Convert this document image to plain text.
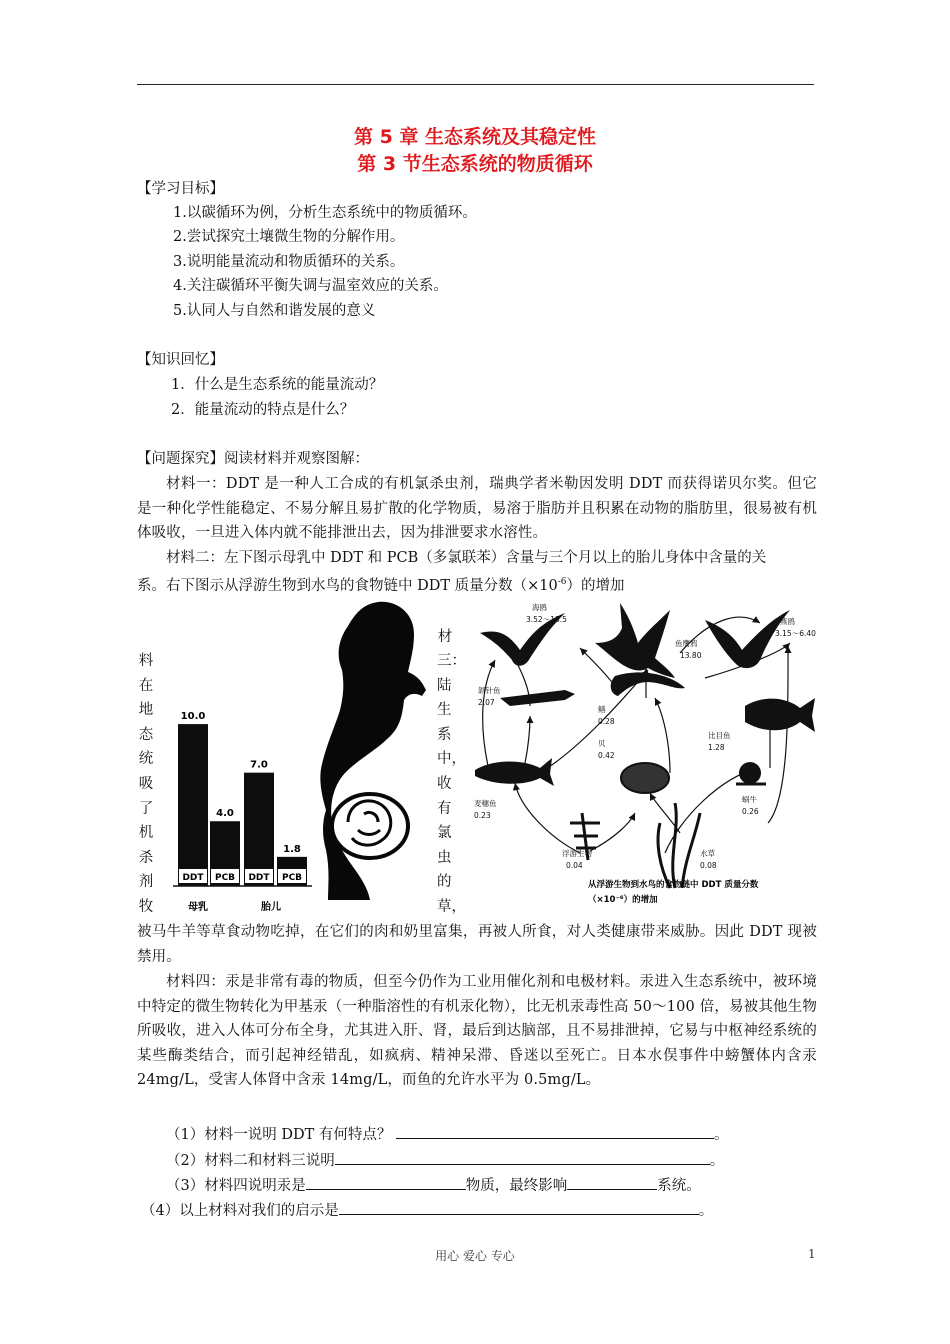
第 5 章 生态系统及其稳定性
第 3 节生态系统的物质循环
【学习目标】
1.以碳循环为例，分析生态系统中的物质循环。
2.尝试探究土壤微生物的分解作用。
3.说明能量流动和物质循环的关系。
4.关注碳循环平衡失调与温室效应的关系。
5.认同人与自然和谐发展的意义
【知识回忆】
1．什么是生态系统的能量流动？
2．能量流动的特点是什么？
【问题探究】阅读材料并观察图解：
材料一：DDT 是一种人工合成的有机氯杀虫剂，瑞典学者米勒因发明 DDT 而获得诺贝尔奖。但它是一种化学性能稳定、不易分解且易扩散的化学物质，易溶于脂肪并且积累在动物的脂肪里，很易被有机体吸收，一旦进入体内就不能排泄出去，因为排泄要求水溶性。
材料二：左下图示母乳中 DDT 和 PCB（多氯联苯）含量与三个月以上的胎儿身体中含量的关
系。右下图示从浮游生物到水鸟的食物链中 DDT 质量分数$(\times 10^{-6})$的增加
料
在
地
态
统
吸
了
机
杀
剂
牧
材
三：
陆
生
系
中，
收
有
氯
虫
的
草，
10.0
DDT
4.0
PCB
7.0
DDT
1.8
PCB
母乳	胎儿
海鸥
3.52～18.5
鱼鹰鸦
13.80
燕鸥
3.15～6.40
颌针鱼
2.07
鳝
0.28
比目鱼
1.28
贝
0.42
麦穗鱼
0.23
蜗牛
0.26
浮游生物
0.04
水草
0.08
从浮游生物到水鸟的食物链中 DDT 质量分数
（×10⁻⁶）的增加
被马牛羊等草食动物吃掉，在它们的肉和奶里富集，再被人所食，对人类健康带来威胁。因此 DDT 现被禁用。
材料四：汞是非常有毒的物质，但至今仍作为工业用催化剂和电极材料。汞进入生态系统中，被环境中特定的微生物转化为甲基汞（一种脂溶性的有机汞化物），比无机汞毒性高 50～100 倍，易被其他生物所吸收，进入人体可分布全身，尤其进入肝、肾，最后到达脑部，且不易排泄掉，它易与中枢神经系统的某些酶类结合，而引起神经错乱，如疯病、精神呆滞、昏迷以至死亡。日本水俣事件中螃蟹体内含汞 24mg/L，受害人体肾中含汞 14mg/L，而鱼的允许水平为 0.5mg/L。
（1）材料一说明 DDT 有何特点？	。
（2）材料二和材料三说明	。
（3）材料四说明汞是	物质，最终影响	系统。
（4）以上材料对我们的启示是	。
用心 爱心 专心	1
